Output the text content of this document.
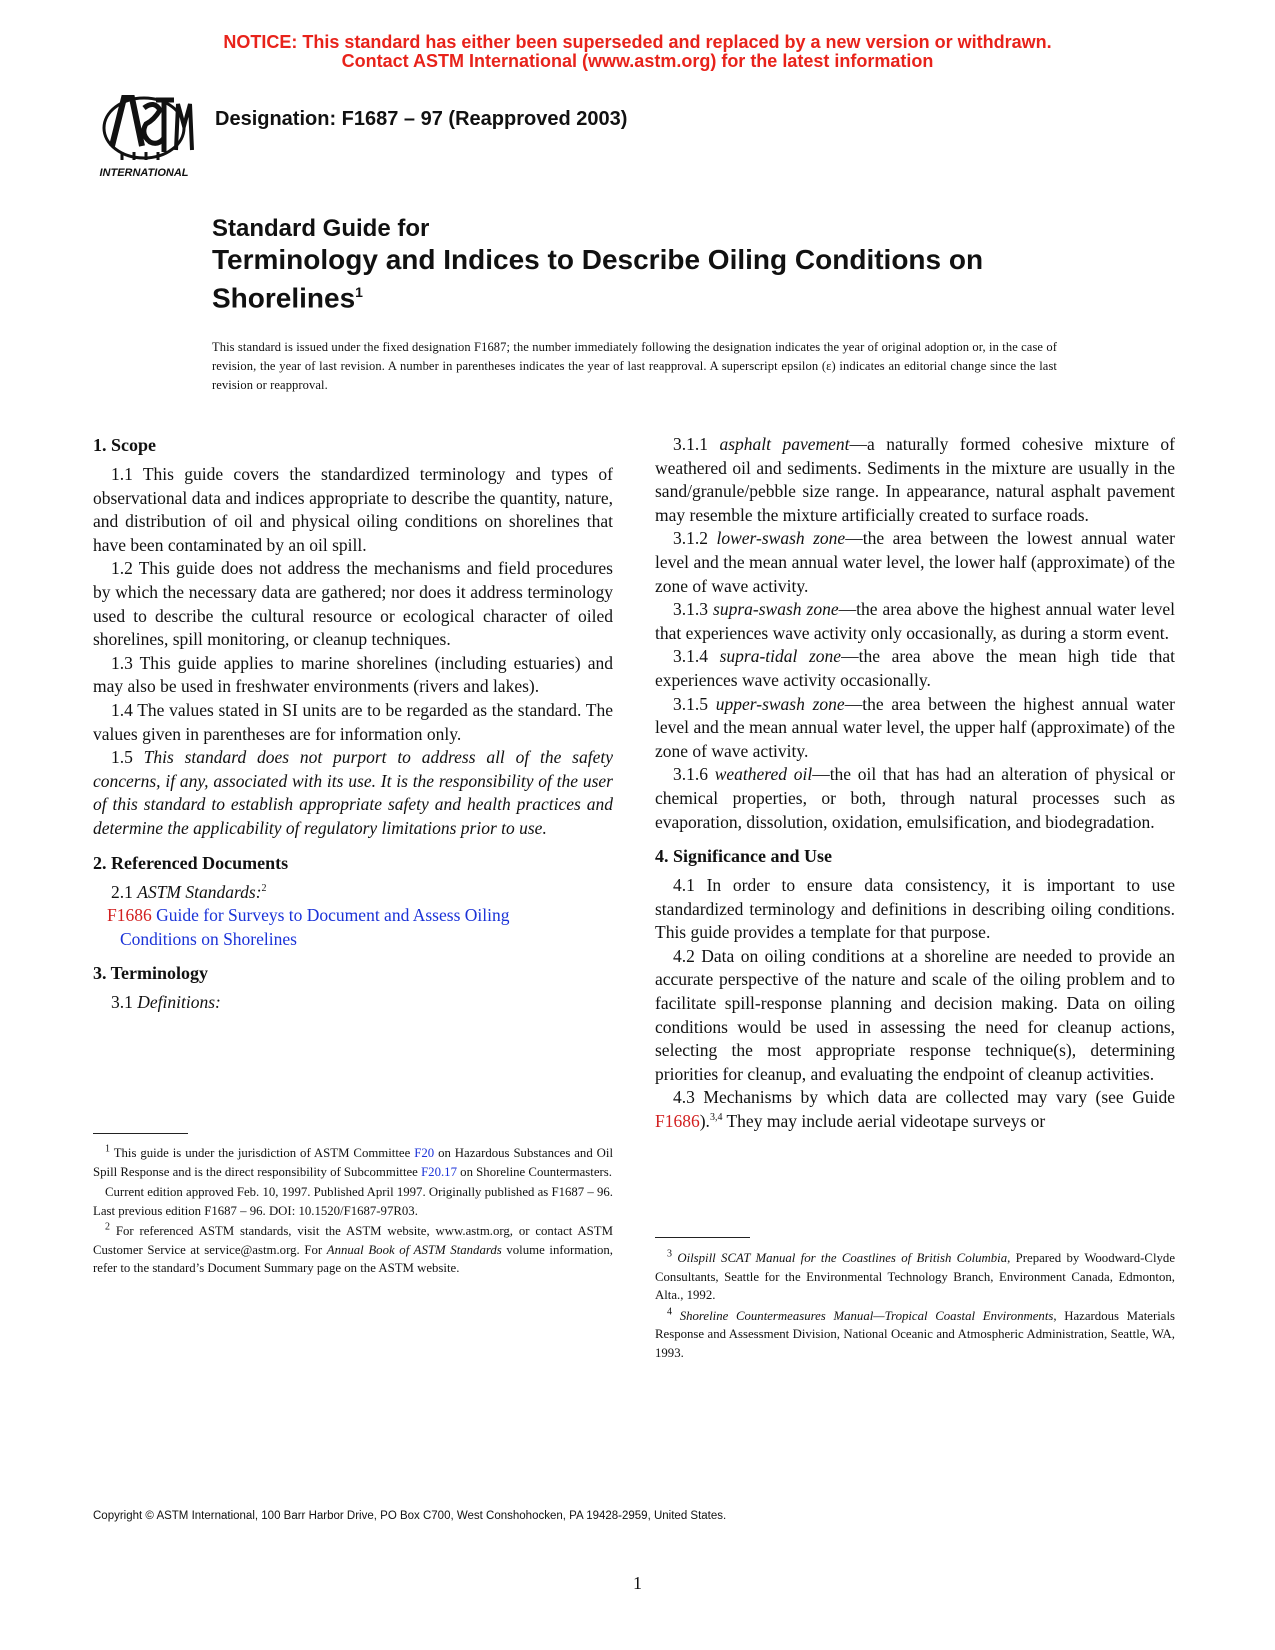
NOTICE: This standard has either been superseded and replaced by a new version or withdrawn.
Contact ASTM International (www.astm.org) for the latest information
INTERNATIONAL
Designation: F1687 – 97 (Reapproved 2003)
Standard Guide for
Terminology and Indices to Describe Oiling Conditions on
Shorelines$^1$
This standard is issued under the fixed designation F1687; the number immediately following the designation indicates the year of original adoption or, in the case of revision, the year of last revision. A number in parentheses indicates the year of last reapproval. A superscript epsilon (ε) indicates an editorial change since the last revision or reapproval.
1. Scope

1.1 This guide covers the standardized terminology and types of observational data and indices appropriate to describe the quantity, nature, and distribution of oil and physical oiling conditions on shorelines that have been contaminated by an oil spill.

1.2 This guide does not address the mechanisms and field procedures by which the necessary data are gathered; nor does it address terminology used to describe the cultural resource or ecological character of oiled shorelines, spill monitoring, or cleanup techniques.

1.3 This guide applies to marine shorelines (including estuaries) and may also be used in freshwater environments (rivers and lakes).

1.4 The values stated in SI units are to be regarded as the standard. The values given in parentheses are for information only.

1.5 This standard does not purport to address all of the safety concerns, if any, associated with its use. It is the responsibility of the user of this standard to establish appropriate safety and health practices and determine the applicability of regulatory limitations prior to use.

2. Referenced Documents

2.1 ASTM Standards:$^2$

F1686 Guide for Surveys to Document and Assess Oiling
Conditions on Shorelines

3. Terminology

3.1 Definitions:

3.1.1 asphalt pavement—a naturally formed cohesive mixture of weathered oil and sediments. Sediments in the mixture are usually in the sand/granule/pebble size range. In appearance, natural asphalt pavement may resemble the mixture artificially created to surface roads.

3.1.2 lower-swash zone—the area between the lowest annual water level and the mean annual water level, the lower half (approximate) of the zone of wave activity.

3.1.3 supra-swash zone—the area above the highest annual water level that experiences wave activity only occasionally, as during a storm event.

3.1.4 supra-tidal zone—the area above the mean high tide that experiences wave activity occasionally.

3.1.5 upper-swash zone—the area between the highest annual water level and the mean annual water level, the upper half (approximate) of the zone of wave activity.

3.1.6 weathered oil—the oil that has had an alteration of physical or chemical properties, or both, through natural processes such as evaporation, dissolution, oxidation, emulsification, and biodegradation.

4. Significance and Use

4.1 In order to ensure data consistency, it is important to use standardized terminology and definitions in describing oiling conditions. This guide provides a template for that purpose.

4.2 Data on oiling conditions at a shoreline are needed to provide an accurate perspective of the nature and scale of the oiling problem and to facilitate spill-response planning and decision making. Data on oiling conditions would be used in assessing the need for cleanup actions, selecting the most appropriate response technique(s), determining priorities for cleanup, and evaluating the endpoint of cleanup activities.

4.3 Mechanisms by which data are collected may vary (see Guide F1686).$^{3,4}$ They may include aerial videotape surveys or

$^1$ This guide is under the jurisdiction of ASTM Committee F20 on Hazardous Substances and Oil Spill Response and is the direct responsibility of Subcommittee F20.17 on Shoreline Countermasters.

Current edition approved Feb. 10, 1997. Published April 1997. Originally published as F1687 – 96. Last previous edition F1687 – 96. DOI: 10.1520/F1687-97R03.

$^2$ For referenced ASTM standards, visit the ASTM website, www.astm.org, or contact ASTM Customer Service at service@astm.org. For Annual Book of ASTM Standards volume information, refer to the standard’s Document Summary page on the ASTM website.

$^3$ Oilspill SCAT Manual for the Coastlines of British Columbia, Prepared by Woodward-Clyde Consultants, Seattle for the Environmental Technology Branch, Environment Canada, Edmonton, Alta., 1992.

$^4$ Shoreline Countermeasures Manual—Tropical Coastal Environments, Hazardous Materials Response and Assessment Division, National Oceanic and Atmospheric Administration, Seattle, WA, 1993.

Copyright © ASTM International, 100 Barr Harbor Drive, PO Box C700, West Conshohocken, PA 19428-2959, United States.
1
